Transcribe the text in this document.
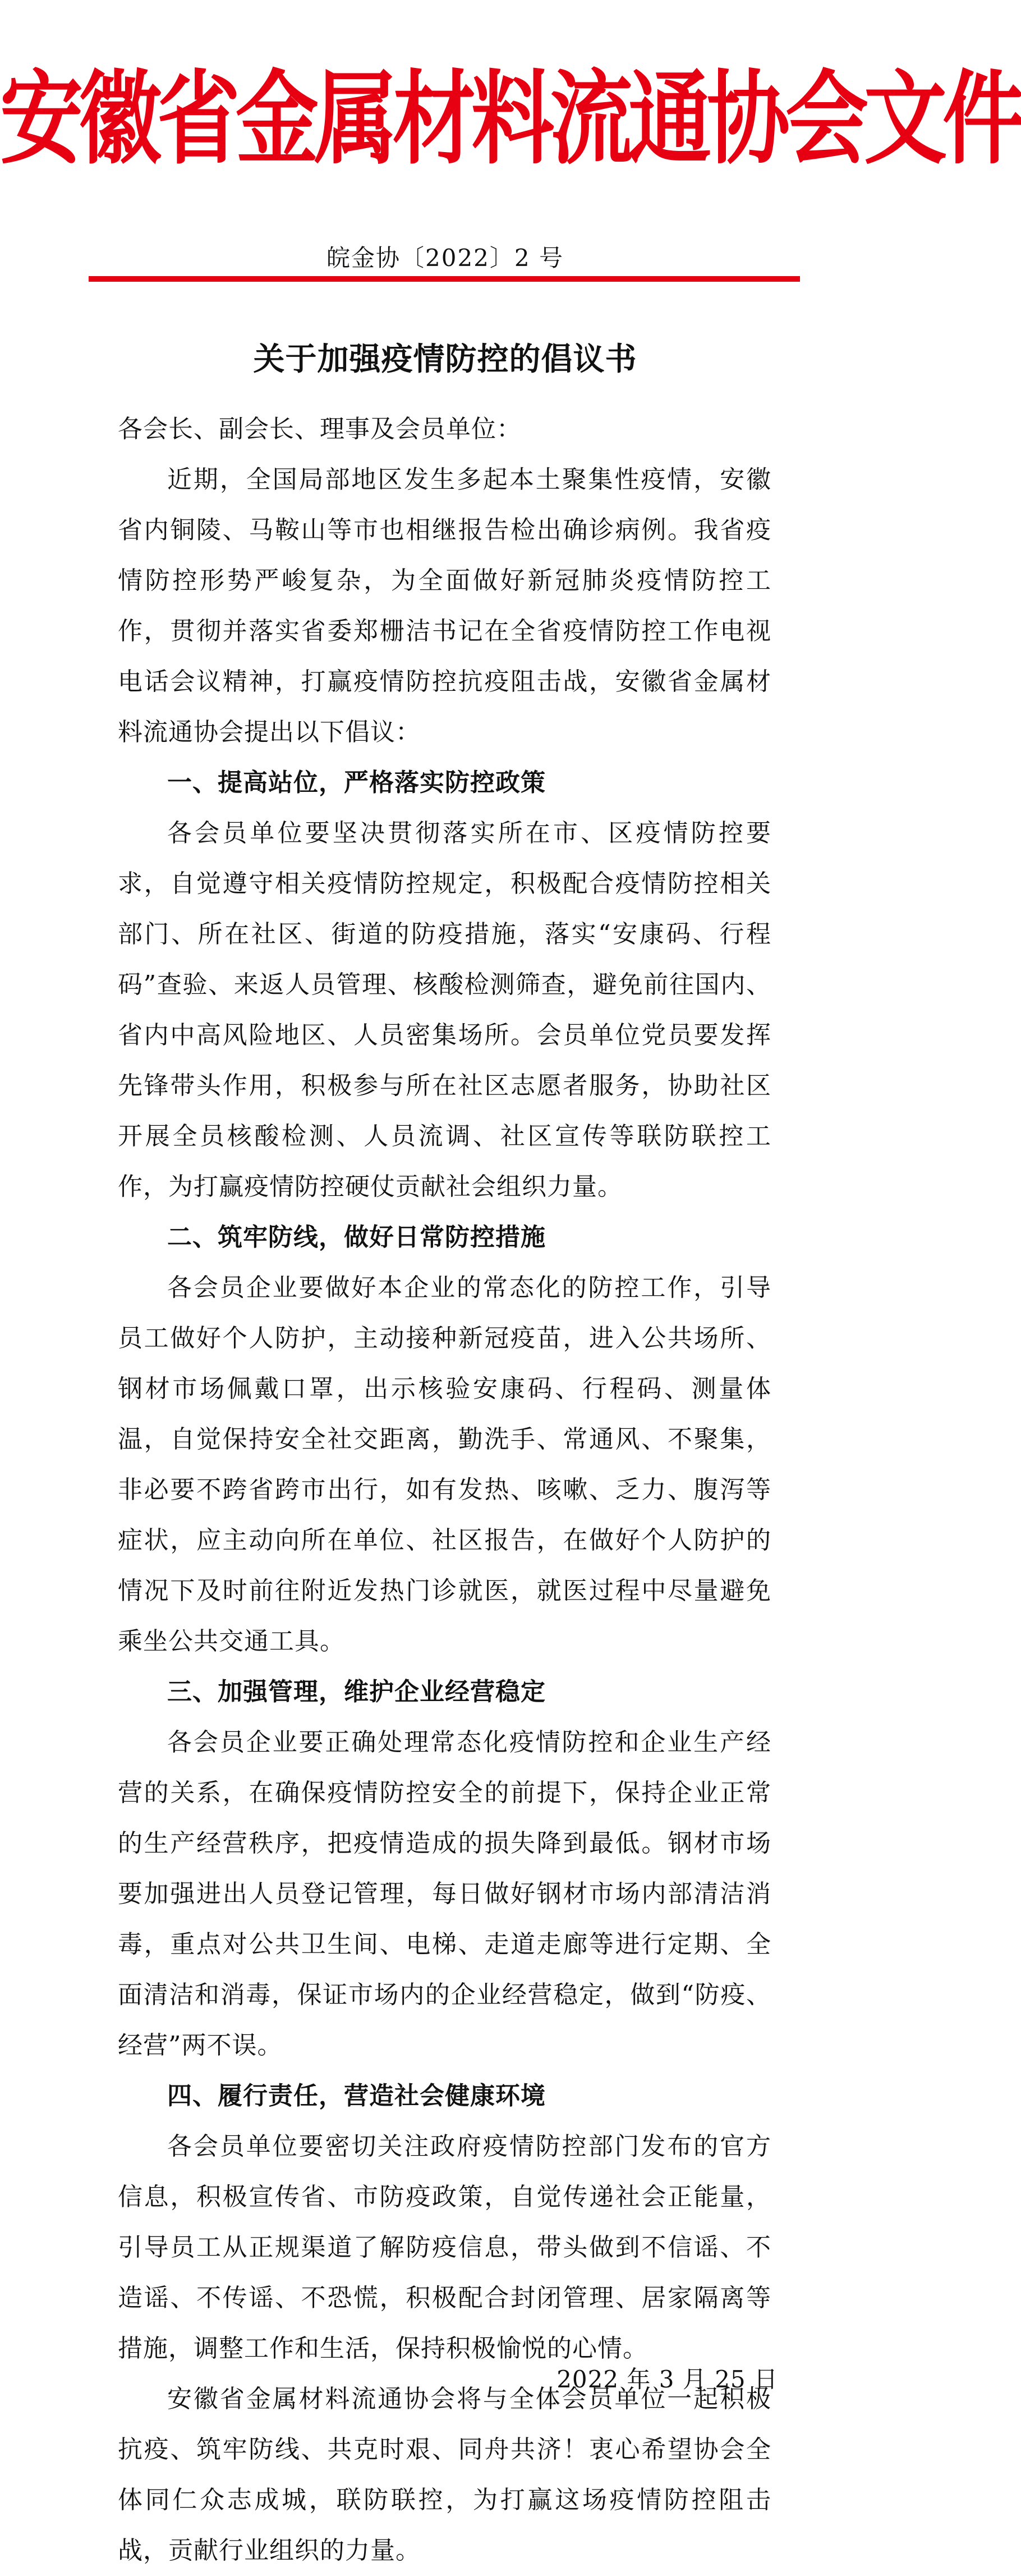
安徽省金属材料流通协会文件
皖金协〔2022〕2 号
关于加强疫情防控的倡议书

各会长、副会长、理事及会员单位：

近期，全国局部地区发生多起本土聚集性疫情，安徽省内铜陵、马鞍山等市也相继报告检出确诊病例。我省疫情防控形势严峻复杂，为全面做好新冠肺炎疫情防控工作，贯彻并落实省委郑栅洁书记在全省疫情防控工作电视电话会议精神，打赢疫情防控抗疫阻击战，安徽省金属材料流通协会提出以下倡议：

一、提高站位，严格落实防控政策

各会员单位要坚决贯彻落实所在市、区疫情防控要求，自觉遵守相关疫情防控规定，积极配合疫情防控相关部门、所在社区、街道的防疫措施，落实“安康码、行程码”查验、来返人员管理、核酸检测筛查，避免前往国内、省内中高风险地区、人员密集场所。会员单位党员要发挥先锋带头作用，积极参与所在社区志愿者服务，协助社区开展全员核酸检测、人员流调、社区宣传等联防联控工作，为打赢疫情防控硬仗贡献社会组织力量。

二、筑牢防线，做好日常防控措施

各会员企业要做好本企业的常态化的防控工作，引导员工做好个人防护，主动接种新冠疫苗，进入公共场所、钢材市场佩戴口罩，出示核验安康码、行程码、测量体温，自觉保持安全社交距离，勤洗手、常通风、不聚集，非必要不跨省跨市出行，如有发热、咳嗽、乏力、腹泻等症状，应主动向所在单位、社区报告，在做好个人防护的情况下及时前往附近发热门诊就医，就医过程中尽量避免乘坐公共交通工具。

三、加强管理，维护企业经营稳定

各会员企业要正确处理常态化疫情防控和企业生产经营的关系，在确保疫情防控安全的前提下，保持企业正常的生产经营秩序，把疫情造成的损失降到最低。钢材市场要加强进出人员登记管理，每日做好钢材市场内部清洁消毒，重点对公共卫生间、电梯、走道走廊等进行定期、全面清洁和消毒，保证市场内的企业经营稳定，做到“防疫、经营”两不误。

四、履行责任，营造社会健康环境

各会员单位要密切关注政府疫情防控部门发布的官方信息，积极宣传省、市防疫政策，自觉传递社会正能量，引导员工从正规渠道了解防疫信息，带头做到不信谣、不造谣、不传谣、不恐慌，积极配合封闭管理、居家隔离等措施，调整工作和生活，保持积极愉悦的心情。

安徽省金属材料流通协会将与全体会员单位一起积极抗疫、筑牢防线、共克时艰、同舟共济！衷心希望协会全体同仁众志成城，联防联控，为打赢这场疫情防控阻击战，贡献行业组织的力量。

2022 年 3 月 25 日
